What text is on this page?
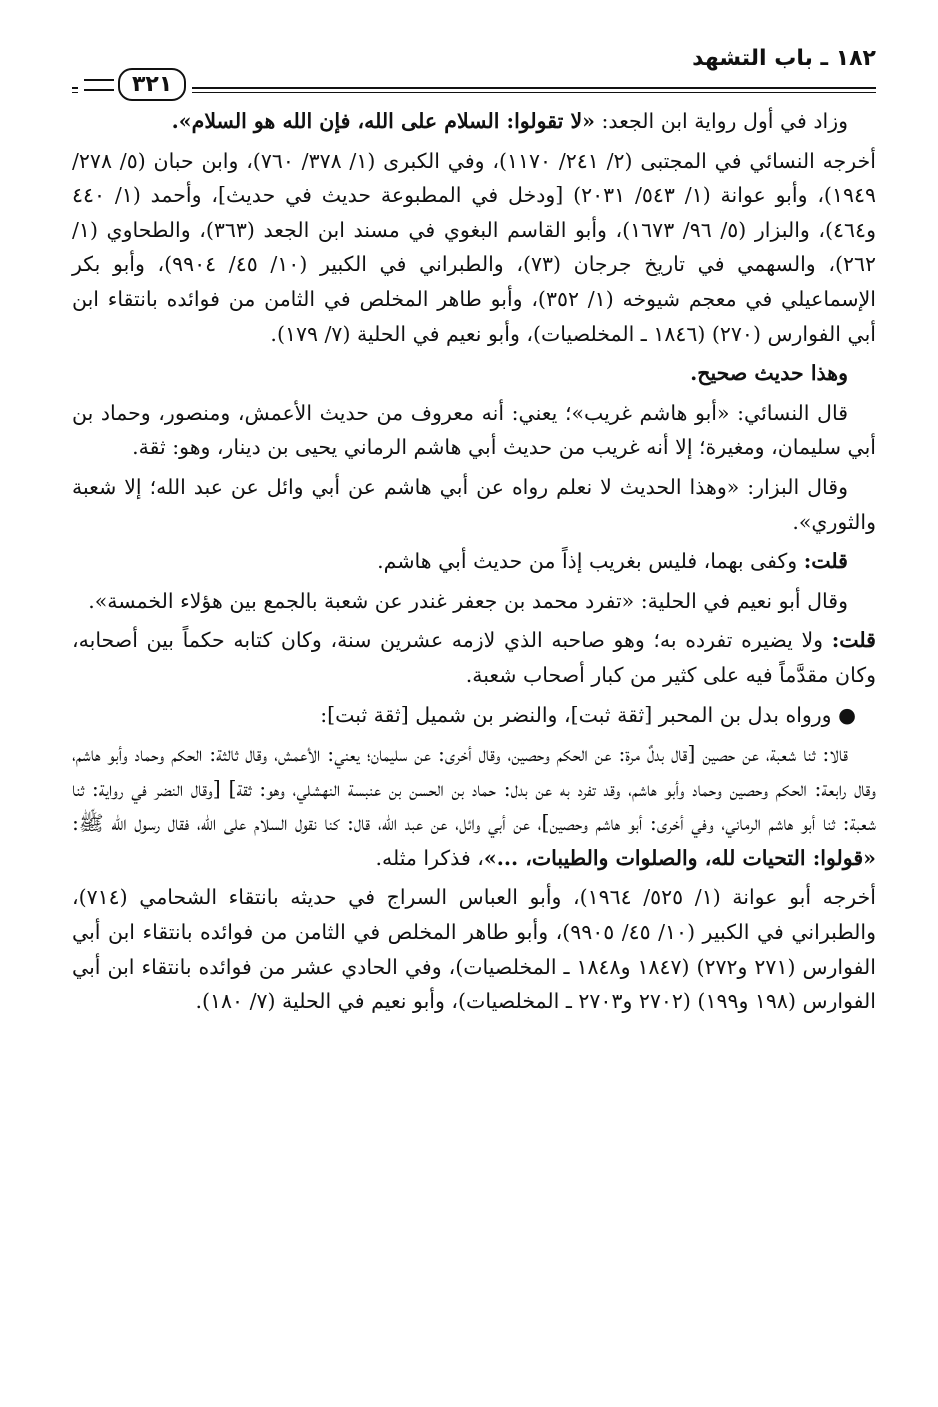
١٨٢ ـ باب التشهد
٣٢١

وزاد في أول رواية ابن الجعد: «لا تقولوا: السلام على الله، فإن الله هو السلام».

أخرجه النسائي في المجتبى (٢/ ٢٤١/ ١١٧٠)، وفي الكبرى (١/ ٣٧٨/ ٧٦٠)، وابن حبان (٥/ ٢٧٨/ ١٩٤٩)، وأبو عوانة (١/ ٥٤٣/ ٢٠٣١) [ودخل في المطبوعة حديث في حديث]، وأحمد (١/ ٤٤٠ و٤٦٤)، والبزار (٥/ ٩٦/ ١٦٧٣)، وأبو القاسم البغوي في مسند ابن الجعد (٣٦٣)، والطحاوي (١/ ٢٦٢)، والسهمي في تاريخ جرجان (٧٣)، والطبراني في الكبير (١٠/ ٤٥/ ٩٩٠٤)، وأبو بكر الإسماعيلي في معجم شيوخه (١/ ٣٥٢)، وأبو طاهر المخلص في الثامن من فوائده بانتقاء ابن أبي الفوارس (٢٧٠) (١٨٤٦ ـ المخلصيات)، وأبو نعيم في الحلية (٧/ ١٧٩).

وهذا حديث صحيح.

قال النسائي: «أبو هاشم غريب»؛ يعني: أنه معروف من حديث الأعمش، ومنصور، وحماد بن أبي سليمان، ومغيرة؛ إلا أنه غريب من حديث أبي هاشم الرماني يحيى بن دينار، وهو: ثقة.

وقال البزار: «وهذا الحديث لا نعلم رواه عن أبي هاشم عن أبي وائل عن عبد الله؛ إلا شعبة والثوري».

قلت: وكفى بهما، فليس بغريب إذاً من حديث أبي هاشم.

وقال أبو نعيم في الحلية: «تفرد محمد بن جعفر غندر عن شعبة بالجمع بين هؤلاء الخمسة».

قلت: ولا يضيره تفرده به؛ وهو صاحبه الذي لازمه عشرين سنة، وكان كتابه حكماً بين أصحابه، وكان مقدَّماً فيه على كثير من كبار أصحاب شعبة.

● ورواه بدل بن المحبر [ثقة ثبت]، والنضر بن شميل [ثقة ثبت]:

قالا: ثنا شعبة، عن حصين [قال بدلٌ مرة: عن الحكم وحصين، وقال أخرى: عن سليمان؛ يعني: الأعمش، وقال ثالثة: الحكم وحماد وأبو هاشم، وقال رابعة: الحكم وحصين وحماد وأبو هاشم، وقد تفرد به عن بدل: حماد بن الحسن بن عنبسة النهشلي، وهو: ثقة] [وقال النضر في رواية: ثنا شعبة: ثنا أبو هاشم الرماني، وفي أخرى: أبو هاشم وحصين]، عن أبي وائل، عن عبد الله، قال: كنا نقول السلام على الله، فقال رسول الله ﷺ: «قولوا: التحيات لله، والصلوات والطيبات، ...»، فذكرا مثله.

أخرجه أبو عوانة (١/ ٥٢٥/ ١٩٦٤)، وأبو العباس السراج في حديثه بانتقاء الشحامي (٧١٤)، والطبراني في الكبير (١٠/ ٤٥/ ٩٩٠٥)، وأبو طاهر المخلص في الثامن من فوائده بانتقاء ابن أبي الفوارس (٢٧١ و٢٧٢) (١٨٤٧ و١٨٤٨ ـ المخلصيات)، وفي الحادي عشر من فوائده بانتقاء ابن أبي الفوارس (١٩٨ و١٩٩) (٢٧٠٢ و٢٧٠٣ ـ المخلصيات)، وأبو نعيم في الحلية (٧/ ١٨٠).
